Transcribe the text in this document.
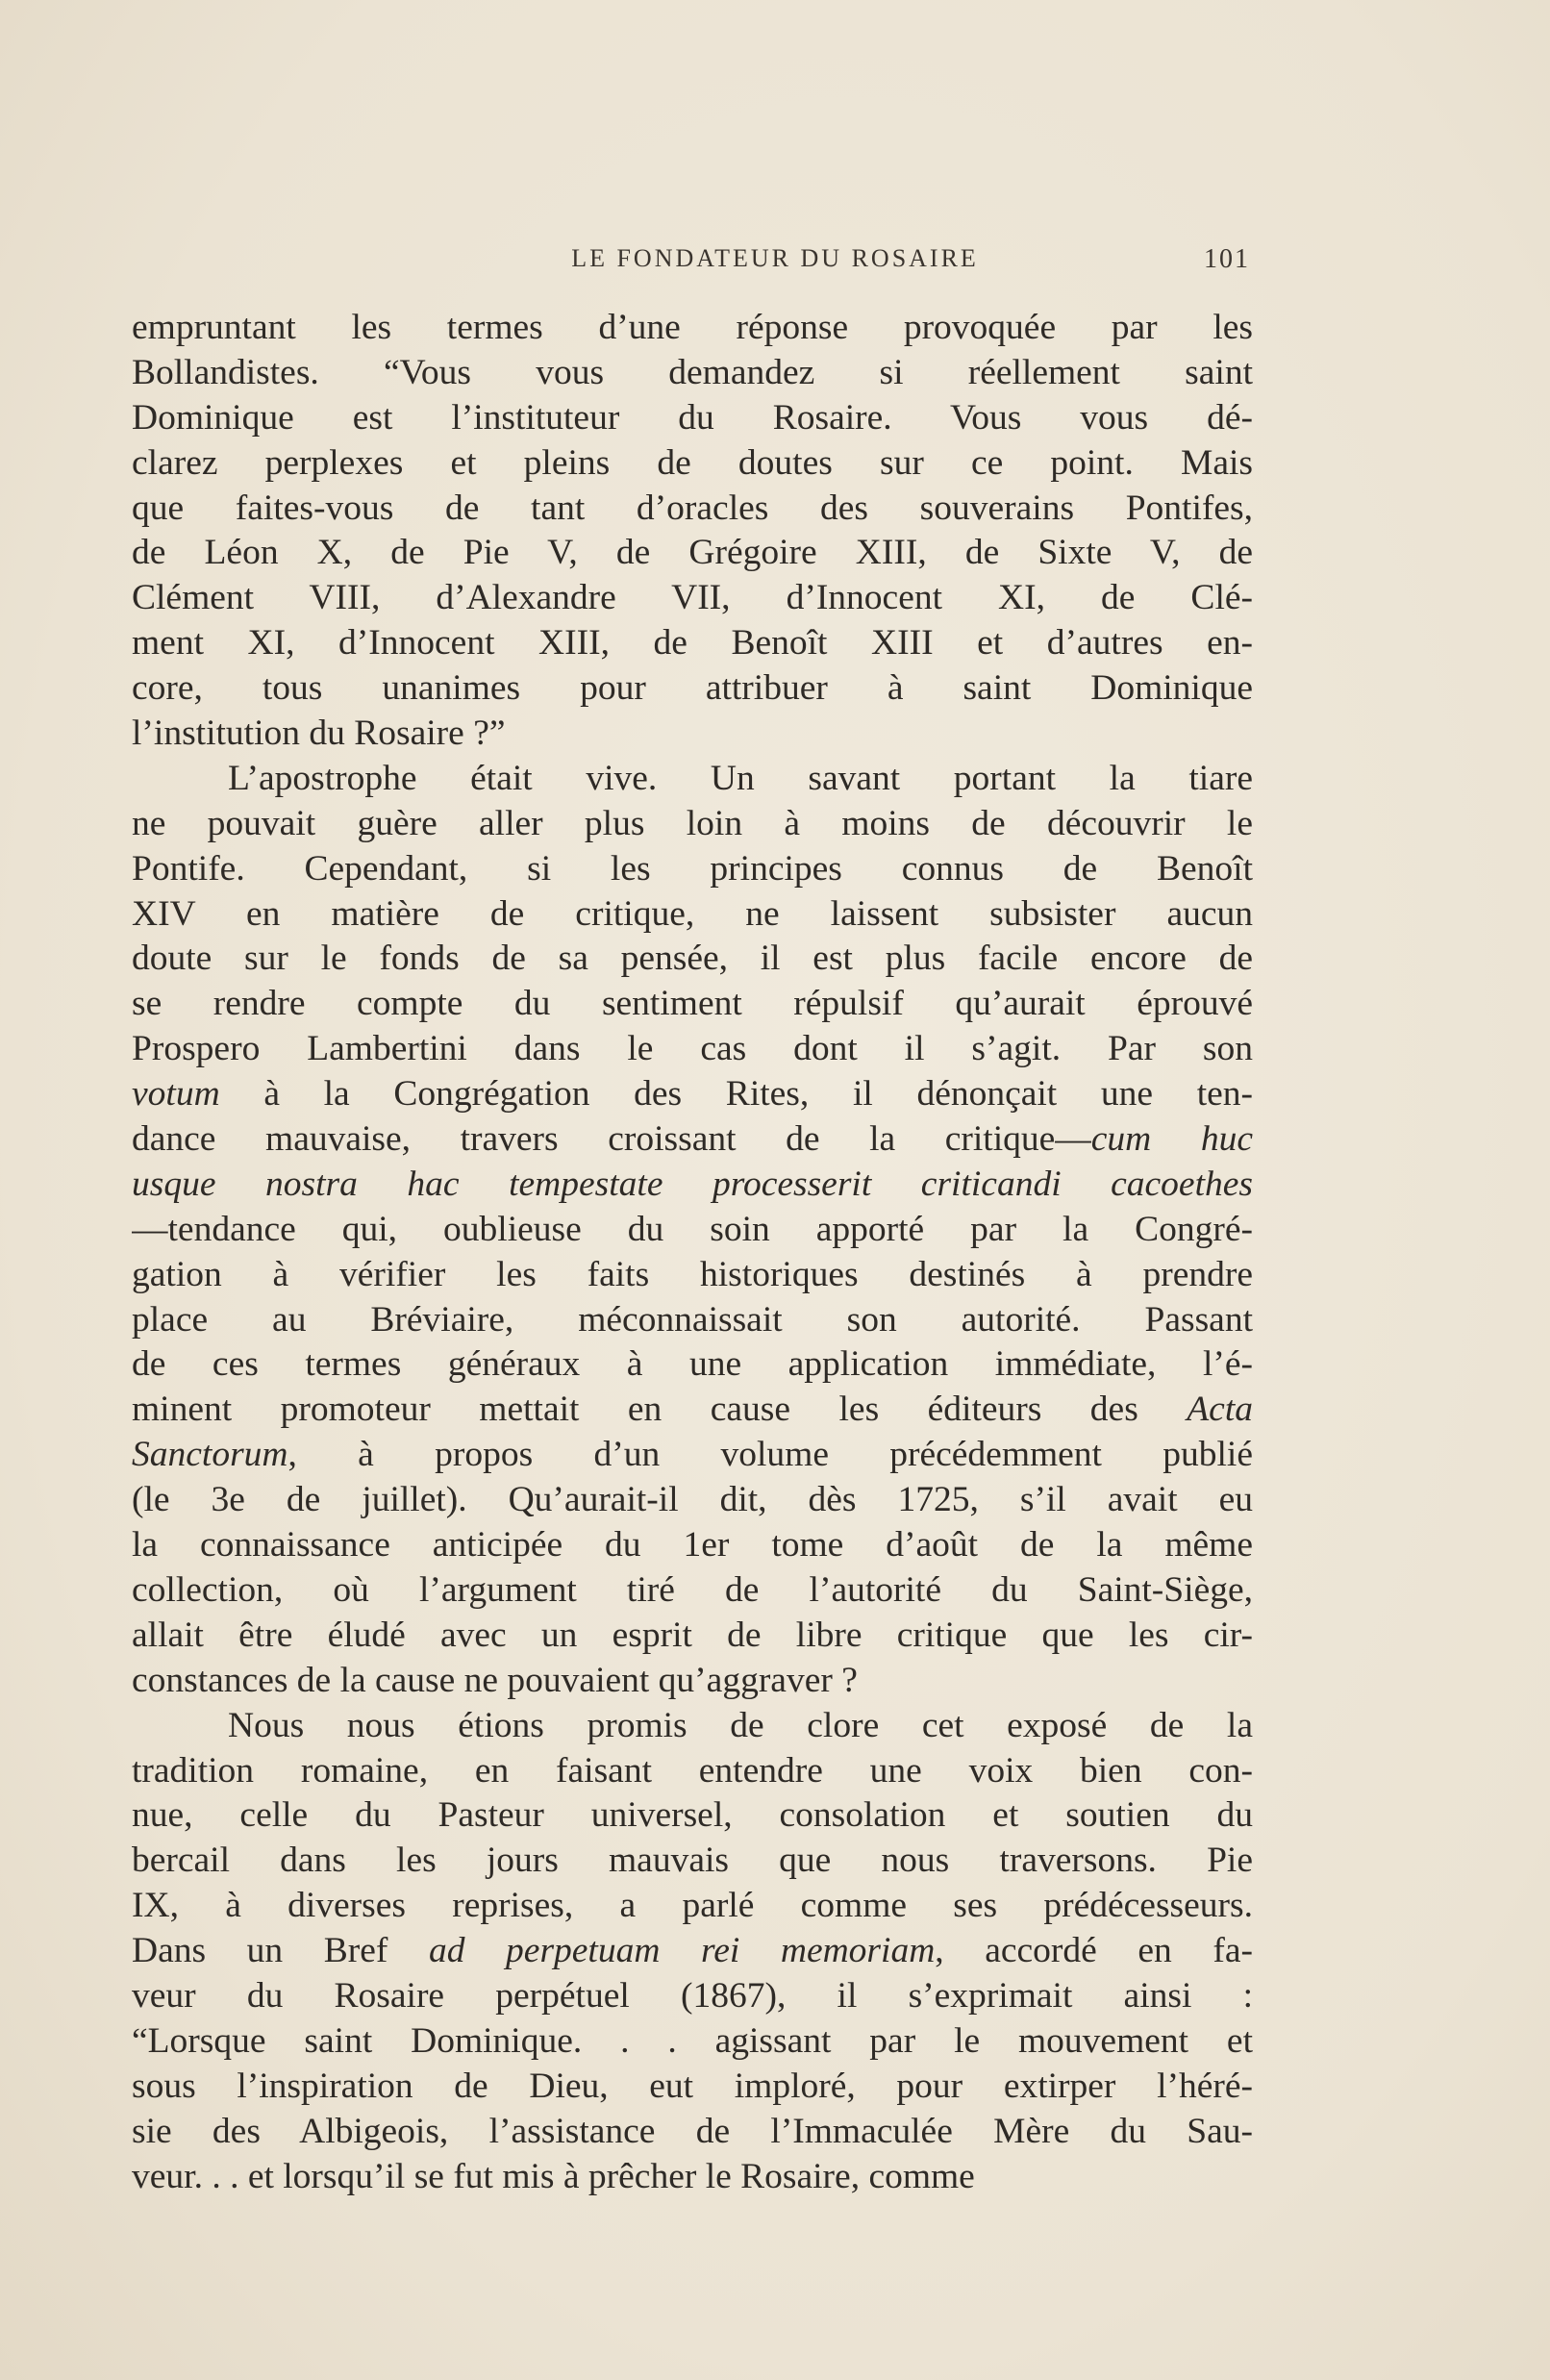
LE FONDATEUR DU ROSAIRE	101
empruntant les termes d’une réponse provoquée par les
Bollandistes. “Vous vous demandez si réellement saint
Dominique est l’instituteur du Rosaire. Vous vous dé-
clarez perplexes et pleins de doutes sur ce point. Mais
que faites-vous de tant d’oracles des souverains Pontifes,
de Léon X, de Pie V, de Grégoire XIII, de Sixte V, de
Clément VIII, d’Alexandre VII, d’Innocent XI, de Clé-
ment XI, d’Innocent XIII, de Benoît XIII et d’autres en-
core, tous unanimes pour attribuer à saint Dominique
l’institution du Rosaire ?”
L’apostrophe était vive. Un savant portant la tiare
ne pouvait guère aller plus loin à moins de découvrir le
Pontife. Cependant, si les principes connus de Benoît
XIV en matière de critique, ne laissent subsister aucun
doute sur le fonds de sa pensée, il est plus facile encore de
se rendre compte du sentiment répulsif qu’aurait éprouvé
Prospero Lambertini dans le cas dont il s’agit. Par son
votum à la Congrégation des Rites, il dénonçait une ten-
dance mauvaise, travers croissant de la critique—cum huc
usque nostra hac tempestate processerit criticandi cacoethes
—tendance qui, oublieuse du soin apporté par la Congré-
gation à vérifier les faits historiques destinés à prendre
place au Bréviaire, méconnaissait son autorité. Passant
de ces termes généraux à une application immédiate, l’é-
minent promoteur mettait en cause les éditeurs des Acta
Sanctorum, à propos d’un volume précédemment publié
(le 3e de juillet). Qu’aurait-il dit, dès 1725, s’il avait eu
la connaissance anticipée du 1er tome d’août de la même
collection, où l’argument tiré de l’autorité du Saint-Siège,
allait être éludé avec un esprit de libre critique que les cir-
constances de la cause ne pouvaient qu’aggraver ?
Nous nous étions promis de clore cet exposé de la
tradition romaine, en faisant entendre une voix bien con-
nue, celle du Pasteur universel, consolation et soutien du
bercail dans les jours mauvais que nous traversons. Pie
IX, à diverses reprises, a parlé comme ses prédécesseurs.
Dans un Bref ad perpetuam rei memoriam, accordé en fa-
veur du Rosaire perpétuel (1867), il s’exprimait ainsi :
“Lorsque saint Dominique. . . agissant par le mouvement et
sous l’inspiration de Dieu, eut imploré, pour extirper l’héré-
sie des Albigeois, l’assistance de l’Immaculée Mère du Sau-
veur. . . et lorsqu’il se fut mis à prêcher le Rosaire, comme
